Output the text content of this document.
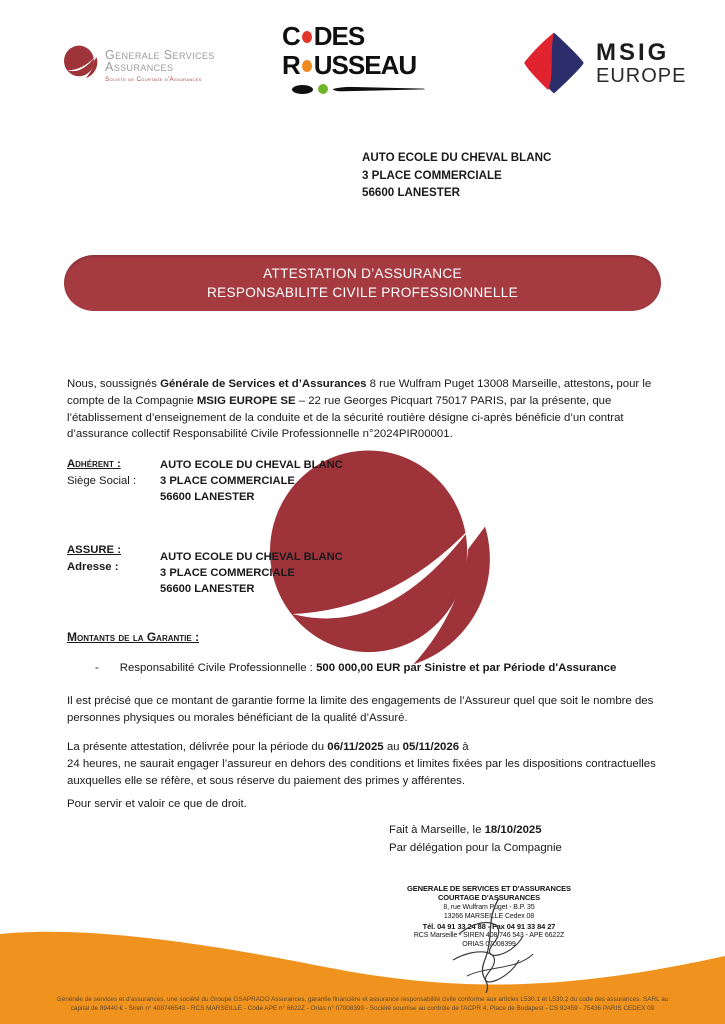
Generale Services
Assurances
Societe de Courtage d'Assurances
C DES
R USSEAU	MSIG
EUROPE
AUTO ECOLE DU CHEVAL BLANC
3 PLACE COMMERCIALE
56600 LANESTER
ATTESTATION D’ASSURANCE
RESPONSABILITE CIVILE PROFESSIONNELLE

Nous, soussignés Générale de Services et d’Assurances 8 rue Wulfram Puget 13008 Marseille, attestons, pour le compte de la Compagnie MSIG EUROPE SE – 22 rue Georges Picquart 75017 PARIS, par la présente, que l’établissement d’enseignement de la conduite et de la sécurité routière désigne ci-après bénéficie d’un contrat d’assurance collectif Responsabilité Civile Professionnelle n°2024PIR00001.

Adhérent :
Siège Social :
AUTO ECOLE DU CHEVAL BLANC
3 PLACE COMMERCIALE
56600 LANESTER
ASSURE :
Adresse :
AUTO ECOLE DU CHEVAL BLANC
3 PLACE COMMERCIALE
56600 LANESTER
Montants de la Garantie :
- Responsabilité Civile Professionnelle : 500 000,00 EUR par Sinistre et par Période d'Assurance

Il est précisé que ce montant de garantie forme la limite des engagements de l’Assureur quel que soit le nombre des personnes physiques ou morales bénéficiant de la qualité d’Assuré.

La présente attestation, délivrée pour la période du 06/11/2025 au 05/11/2026 à
24 heures, ne saurait engager l’assureur en dehors des conditions et limites fixées par les dispositions contractuelles auxquelles elle se réfère, et sous réserve du paiement des primes y afférentes.

Pour servir et valoir ce que de droit.

Fait à Marseille, le 18/10/2025
Par délégation pour la Compagnie
GENERALE DE SERVICES ET D'ASSURANCES
COURTAGE D'ASSURANCES
8, rue Wulfram Puget - B.P. 35
13266 MARSEILLE Cedex 08
Tél. 04 91 33 24 88 - Fax 04 91 33 84 27
RCS Marseille - SIREN 408 746 543 - APE 6622Z
ORIAS 07008399
Générale de services et d'assurances, une société du Groupe GSAPRADO Assurances, garantie financière et assurance responsabilité civile conforme aux articles L530.1 et L530.2 du code des assurances. SARL au
capital de 89440 € - Siren n° 408746543 - RCS MARSEILLE - Code APE n° 6622Z - Orias n° 07008399 - Société soumise au contrôle de l'ACPR 4, Place de Budapest - CS 92459 - 75436 PARIS CEDEX 09
